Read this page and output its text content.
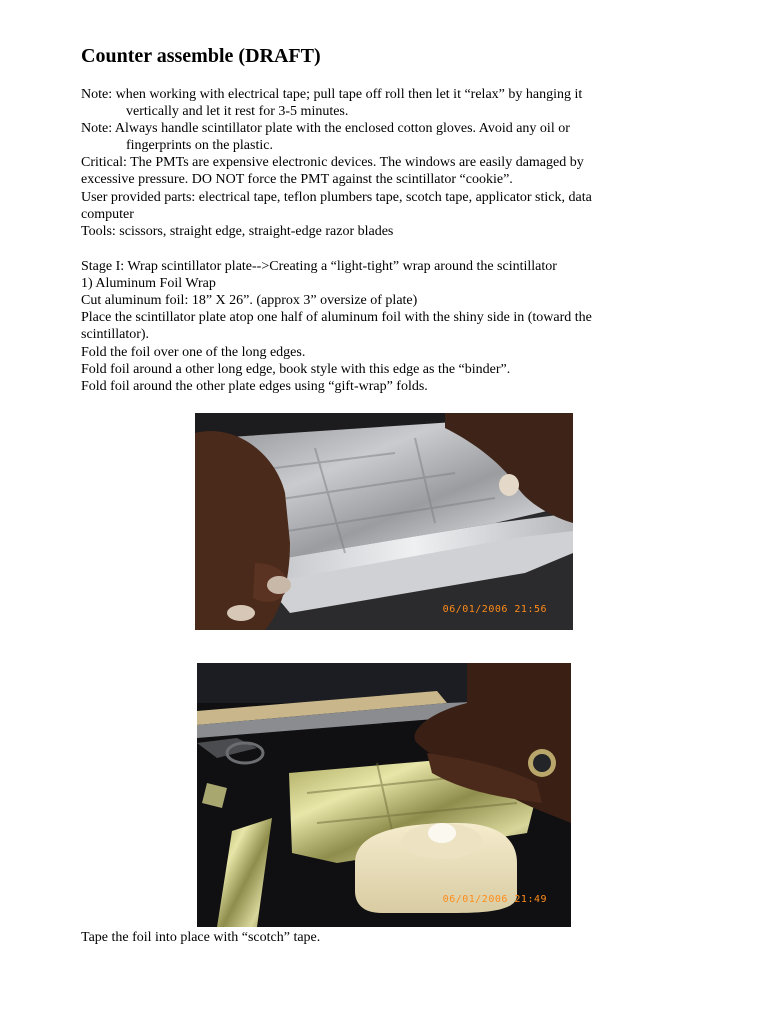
Counter assemble (DRAFT)
Note: when working with electrical tape; pull tape off roll then let it “relax” by hanging it
vertically and let it rest for 3-5 minutes.
Note: Always handle scintillator plate with the enclosed cotton gloves. Avoid any oil or
fingerprints on the plastic.
Critical: The PMTs are expensive electronic devices. The windows are easily damaged by
excessive pressure. DO NOT force the PMT against the scintillator “cookie”.
User provided parts: electrical tape, teflon plumbers tape, scotch tape, applicator stick, data
computer
Tools: scissors, straight edge, straight-edge razor blades
Stage I: Wrap scintillator plate-->Creating a “light-tight” wrap around the scintillator
1) Aluminum Foil Wrap
Cut aluminum foil: 18” X 26”. (approx 3” oversize of plate)
Place the scintillator plate atop one half of aluminum foil with the shiny side in (toward the
scintillator).
Fold the foil over one of the long edges.
Fold foil around a other long edge, book style with this edge as the “binder”.
Fold foil around the other plate edges using “gift-wrap” folds.
06/01/2006 21:56
06/01/2006 21:49
Tape the foil into place with “scotch” tape.
